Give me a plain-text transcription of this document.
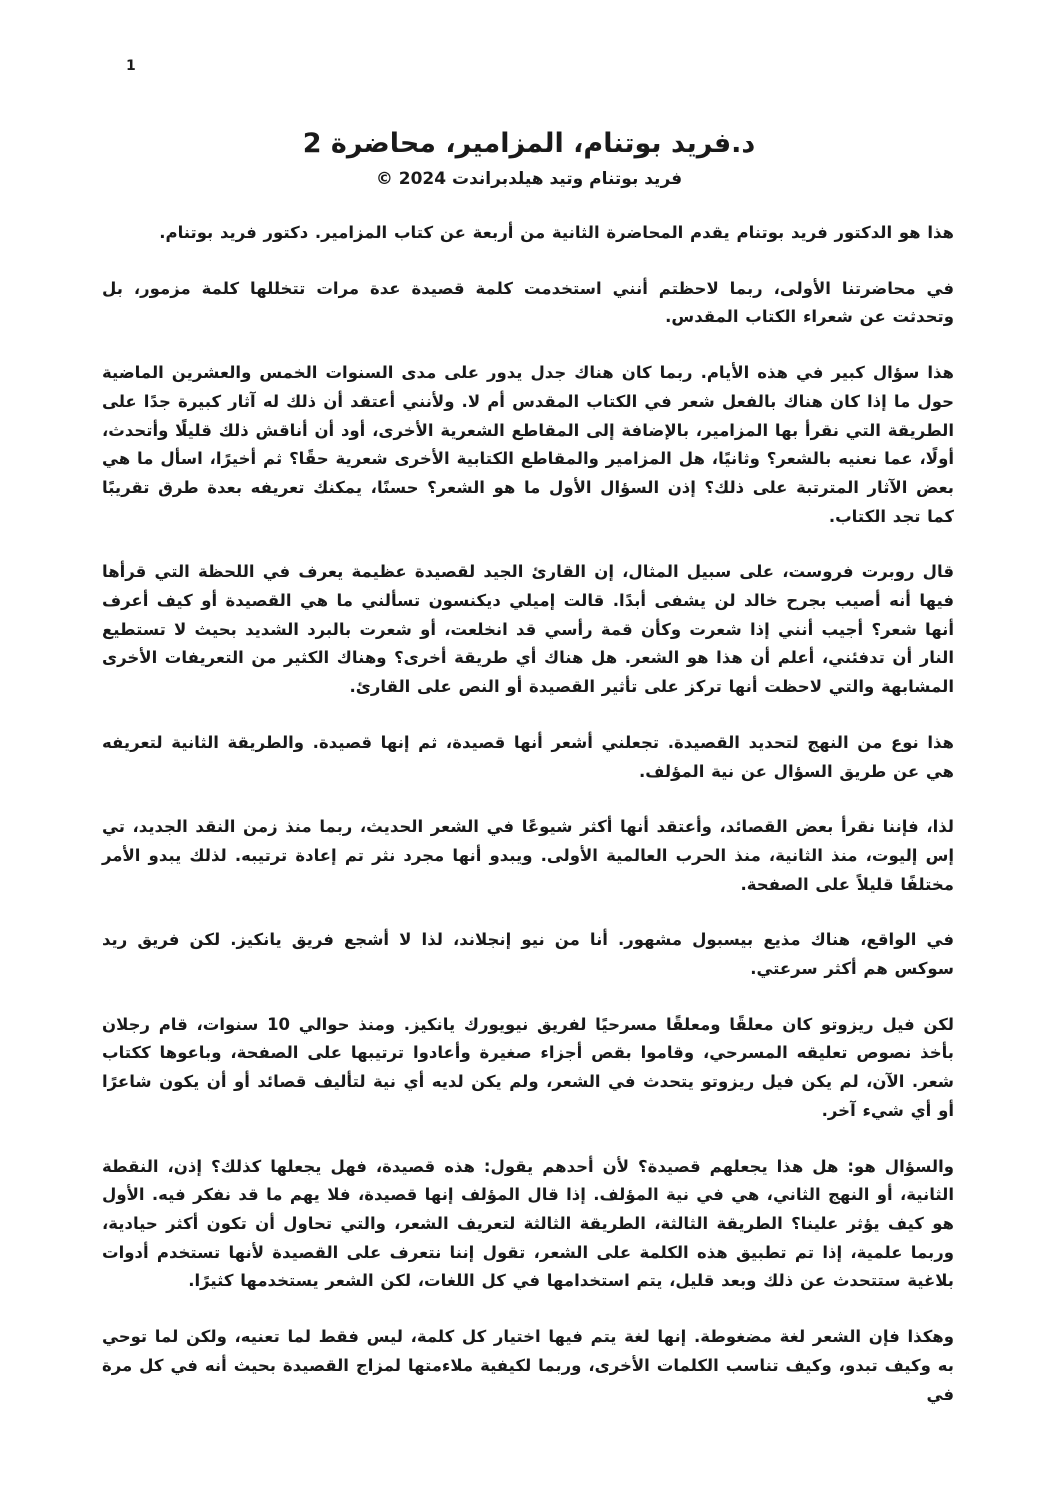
1
د.فريد بوتنام، المزامير، محاضرة 2

فريد بوتنام وتيد هيلدبراندت 2024 ©

هذا هو الدكتور فريد بوتنام يقدم المحاضرة الثانية من أربعة عن كتاب المزامير. دكتور فريد بوتنام.

في محاضرتنا الأولى، ربما لاحظتم أنني استخدمت كلمة قصيدة عدة مرات تتخللها كلمة مزمور، بل وتحدثت عن شعراء الكتاب المقدس.

هذا سؤال كبير في هذه الأيام. ربما كان هناك جدل يدور على مدى السنوات الخمس والعشرين الماضية حول ما إذا كان هناك بالفعل شعر في الكتاب المقدس أم لا. ولأنني أعتقد أن ذلك له آثار كبيرة جدًا على الطريقة التي نقرأ بها المزامير، بالإضافة إلى المقاطع الشعرية الأخرى، أود أن أناقش ذلك قليلًا وأتحدث، أولًا، عما نعنيه بالشعر؟ وثانيًا، هل المزامير والمقاطع الكتابية الأخرى شعرية حقًا؟ ثم أخيرًا، اسأل ما هي بعض الآثار المترتبة على ذلك؟ إذن السؤال الأول ما هو الشعر؟ حسنًا، يمكنك تعريفه بعدة طرق تقريبًا كما تجد الكتاب.

قال روبرت فروست، على سبيل المثال، إن القارئ الجيد لقصيدة عظيمة يعرف في اللحظة التي قرأها فيها أنه أصيب بجرح خالد لن يشفى أبدًا. قالت إميلي ديكنسون تسألني ما هي القصيدة أو كيف أعرف أنها شعر؟ أجيب أنني إذا شعرت وكأن قمة رأسي قد انخلعت، أو شعرت بالبرد الشديد بحيث لا تستطيع النار أن تدفئني، أعلم أن هذا هو الشعر. هل هناك أي طريقة أخرى؟ وهناك الكثير من التعريفات الأخرى المشابهة والتي لاحظت أنها تركز على تأثير القصيدة أو النص على القارئ.

هذا نوع من النهج لتحديد القصيدة. تجعلني أشعر أنها قصيدة، ثم إنها قصيدة. والطريقة الثانية لتعريفه هي عن طريق السؤال عن نية المؤلف.

لذا، فإننا نقرأ بعض القصائد، وأعتقد أنها أكثر شيوعًا في الشعر الحديث، ربما منذ زمن النقد الجديد، تي إس إليوت، منذ الثانية، منذ الحرب العالمية الأولى. ويبدو أنها مجرد نثر تم إعادة ترتيبه. لذلك يبدو الأمر مختلفًا قليلاً على الصفحة.

في الواقع، هناك مذيع بيسبول مشهور. أنا من نيو إنجلاند، لذا لا أشجع فريق يانكيز. لكن فريق ريد سوكس هم أكثر سرعتي.

لكن فيل ريزوتو كان معلقًا ومعلقًا مسرحيًا لفريق نيويورك يانكيز. ومنذ حوالي 10 سنوات، قام رجلان بأخذ نصوص تعليقه المسرحي، وقاموا بقص أجزاء صغيرة وأعادوا ترتيبها على الصفحة، وباعوها ككتاب شعر. الآن، لم يكن فيل ريزوتو يتحدث في الشعر، ولم يكن لديه أي نية لتأليف قصائد أو أن يكون شاعرًا أو أي شيء آخر.

والسؤال هو: هل هذا يجعلهم قصيدة؟ لأن أحدهم يقول: هذه قصيدة، فهل يجعلها كذلك؟ إذن، النقطة الثانية، أو النهج الثاني، هي في نية المؤلف. إذا قال المؤلف إنها قصيدة، فلا يهم ما قد نفكر فيه. الأول هو كيف يؤثر علينا؟ الطريقة الثالثة، الطريقة الثالثة لتعريف الشعر، والتي تحاول أن تكون أكثر حيادية، وربما علمية، إذا تم تطبيق هذه الكلمة على الشعر، تقول إننا نتعرف على القصيدة لأنها تستخدم أدوات بلاغية ستتحدث عن ذلك وبعد قليل، يتم استخدامها في كل اللغات، لكن الشعر يستخدمها كثيرًا.

وهكذا فإن الشعر لغة مضغوطة. إنها لغة يتم فيها اختيار كل كلمة، ليس فقط لما تعنيه، ولكن لما توحي به وكيف تبدو، وكيف تناسب الكلمات الأخرى، وربما لكيفية ملاءمتها لمزاج القصيدة بحيث أنه في كل مرة في
